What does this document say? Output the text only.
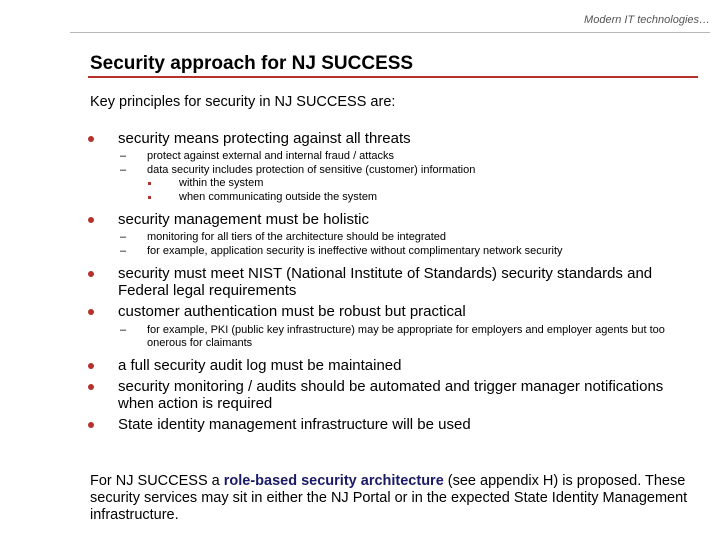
Modern IT technologies…
Security approach for NJ SUCCESS
Key principles for security in NJ SUCCESS are:
security means protecting against all threats
– protect against external and internal fraud / attacks
– data security includes protection of sensitive (customer) information
within the system
when communicating outside the system
security management must be holistic
– monitoring for all tiers of the architecture should be integrated
– for example, application security is ineffective without complimentary network security
security must meet NIST (National Institute of Standards) security standards and Federal legal requirements
customer authentication must be robust but practical
– for example, PKI (public key infrastructure) may be appropriate for employers and employer agents but too onerous for claimants
a full security audit log must be maintained
security monitoring / audits should be automated and trigger manager notifications when action is required
State identity management infrastructure will be used
For NJ SUCCESS a role-based security architecture (see appendix H) is proposed. These security services may sit in either the NJ Portal or in the expected State Identity Management infrastructure.
